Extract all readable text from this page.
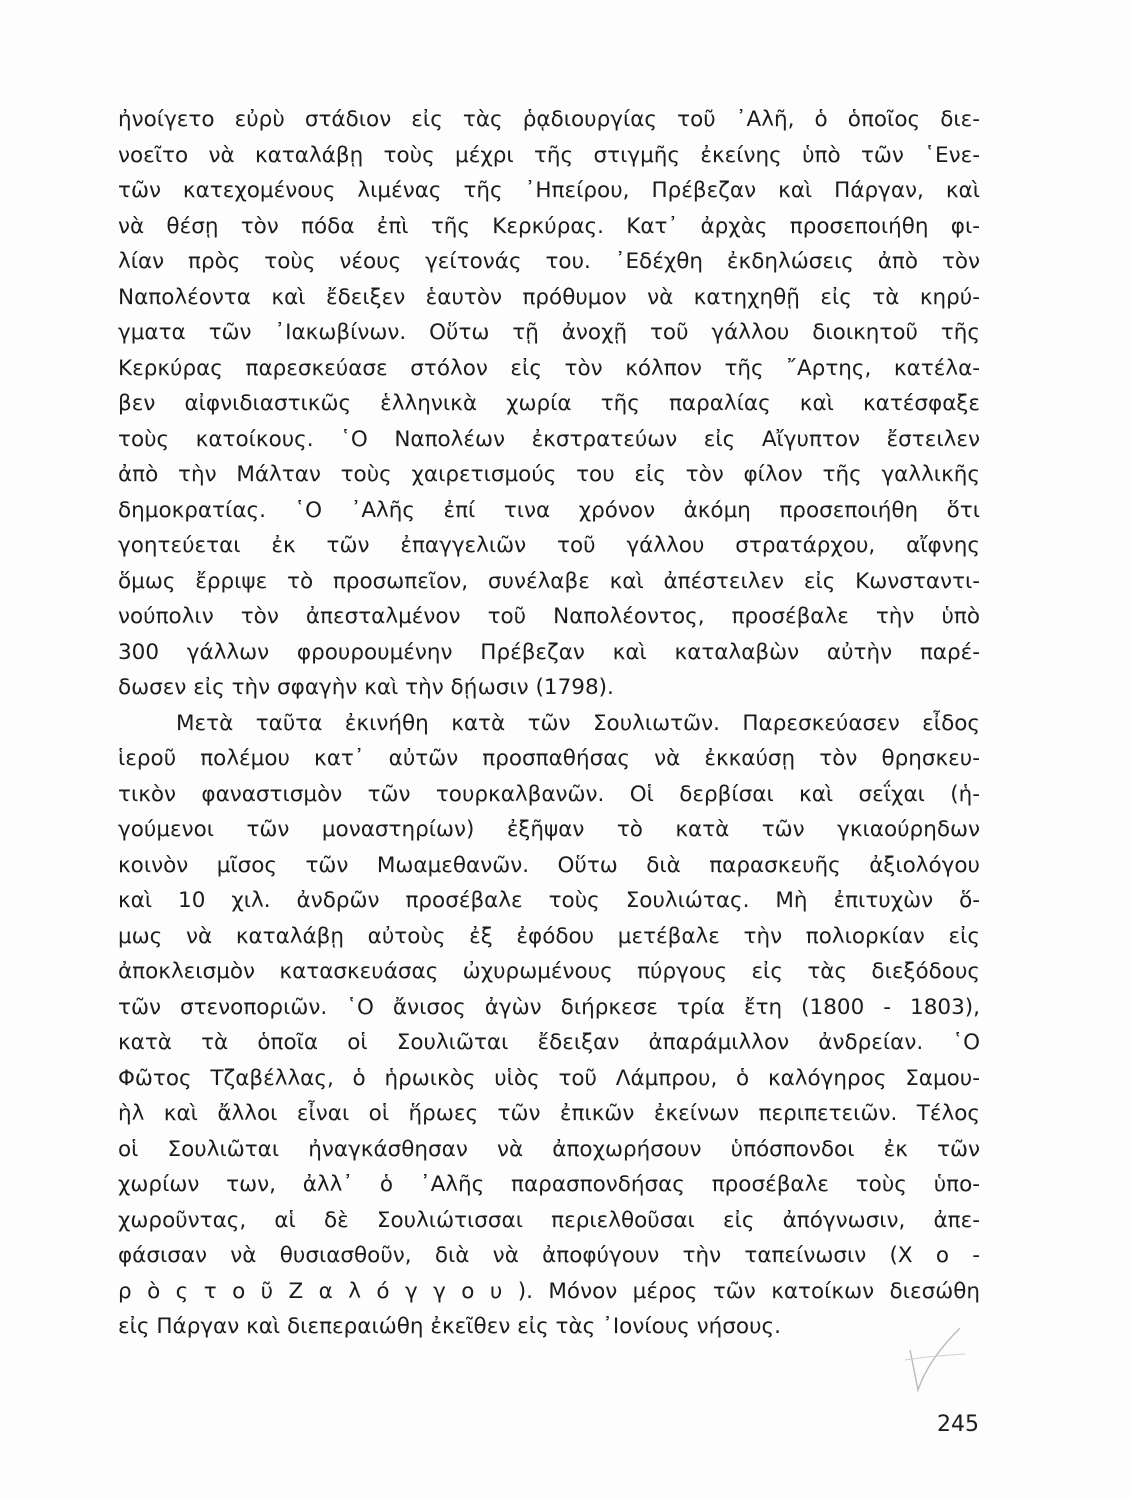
ἠνοίγετο εὐρὺ στάδιον εἰς τὰς ῥᾳδιουργίας τοῦ ᾿Αλῆ, ὁ ὁποῖος διε-
νοεῖτο νὰ καταλάβῃ τοὺς μέχρι τῆς στιγμῆς ἐκείνης ὑπὸ τῶν ῾Ενε-
τῶν κατεχομένους λιμένας τῆς ᾿Ηπείρου, Πρέβεζαν καὶ Πάργαν, καὶ
νὰ θέσῃ τὸν πόδα ἐπὶ τῆς Κερκύρας. Κατ᾿ ἀρχὰς προσεποιήθη φι-
λίαν πρὸς τοὺς νέους γείτονάς του. ᾿Εδέχθη ἐκδηλώσεις ἀπὸ τὸν
Ναπολέοντα καὶ ἔδειξεν ἑαυτὸν πρόθυμον νὰ κατηχηθῇ εἰς τὰ κηρύ-
γματα τῶν ᾿Ιακωβίνων. Οὕτω τῇ ἀνοχῇ τοῦ γάλλου διοικητοῦ τῆς
Κερκύρας παρεσκεύασε στόλον εἰς τὸν κόλπον τῆς ῎Αρτης, κατέλα-
βεν αἰφνιδιαστικῶς ἑλληνικὰ χωρία τῆς παραλίας καὶ κατέσφαξε
τοὺς κατοίκους. ῾Ο Ναπολέων ἐκστρατεύων εἰς Αἴγυπτον ἔστειλεν
ἀπὸ τὴν Μάλταν τοὺς χαιρετισμούς του εἰς τὸν φίλον τῆς γαλλικῆς
δημοκρατίας. ῾Ο ᾿Αλῆς ἐπί τινα χρόνον ἀκόμη προσεποιήθη ὅτι
γοητεύεται ἐκ τῶν ἐπαγγελιῶν τοῦ γάλλου στρατάρχου, αἴφνης
ὅμως ἔρριψε τὸ προσωπεῖον, συνέλαβε καὶ ἀπέστειλεν εἰς Κωνσταντι-
νούπολιν τὸν ἀπεσταλμένον τοῦ Ναπολέοντος, προσέβαλε τὴν ὑπὸ
300 γάλλων φρουρουμένην Πρέβεζαν καὶ καταλαβὼν αὐτὴν παρέ-
δωσεν εἰς τὴν σφαγὴν καὶ τὴν δῄωσιν (1798).
Μετὰ ταῦτα ἐκινήθη κατὰ τῶν Σουλιωτῶν. Παρεσκεύασεν εἶδος
ἱεροῦ πολέμου κατ᾿ αὐτῶν προσπαθήσας νὰ ἐκκαύσῃ τὸν θρησκευ-
τικὸν φαναστισμὸν τῶν τουρκαλβανῶν. Οἱ δερβίσαι καὶ σεΐχαι (ἡ-
γούμενοι τῶν μοναστηρίων) ἐξῆψαν τὸ κατὰ τῶν γκιαούρηδων
κοινὸν μῖσος τῶν Μωαμεθανῶν. Οὕτω διὰ παρασκευῆς ἀξιολόγου
καὶ 10 χιλ. ἀνδρῶν προσέβαλε τοὺς Σουλιώτας. Μὴ ἐπιτυχὼν ὅ-
μως νὰ καταλάβῃ αὐτοὺς ἐξ ἐφόδου μετέβαλε τὴν πολιορκίαν εἰς
ἀποκλεισμὸν κατασκευάσας ὠχυρωμένους πύργους εἰς τὰς διεξόδους
τῶν στενοποριῶν. ῾Ο ἄνισος ἀγὼν διήρκεσε τρία ἔτη (1800 - 1803),
κατὰ τὰ ὁποῖα οἱ Σουλιῶται ἔδειξαν ἀπαράμιλλον ἀνδρείαν. ῾Ο
Φῶτος Τζαβέλλας, ὁ ἡρωικὸς υἱὸς τοῦ Λάμπρου, ὁ καλόγηρος Σαμου-
ὴλ καὶ ἄλλοι εἶναι οἱ ἥρωες τῶν ἐπικῶν ἐκείνων περιπετειῶν. Τέλος
οἱ Σουλιῶται ἠναγκάσθησαν νὰ ἀποχωρήσουν ὑπόσπονδοι ἐκ τῶν
χωρίων των, ἀλλ᾿ ὁ ᾿Αλῆς παρασπονδήσας προσέβαλε τοὺς ὑπο-
χωροῦντας, αἱ δὲ Σουλιώτισσαι περιελθοῦσαι εἰς ἀπόγνωσιν, ἀπε-
φάσισαν νὰ θυσιασθοῦν, διὰ νὰ ἀποφύγουν τὴν ταπείνωσιν (Χ ο -
ρ ὸ ς τ ο ῦ Ζ α λ ό γ γ ο υ ). Μόνον μέρος τῶν κατοίκων διεσώθη
εἰς Πάργαν καὶ διεπεραιώθη ἐκεῖθεν εἰς τὰς ᾿Ιονίους νήσους.
245
